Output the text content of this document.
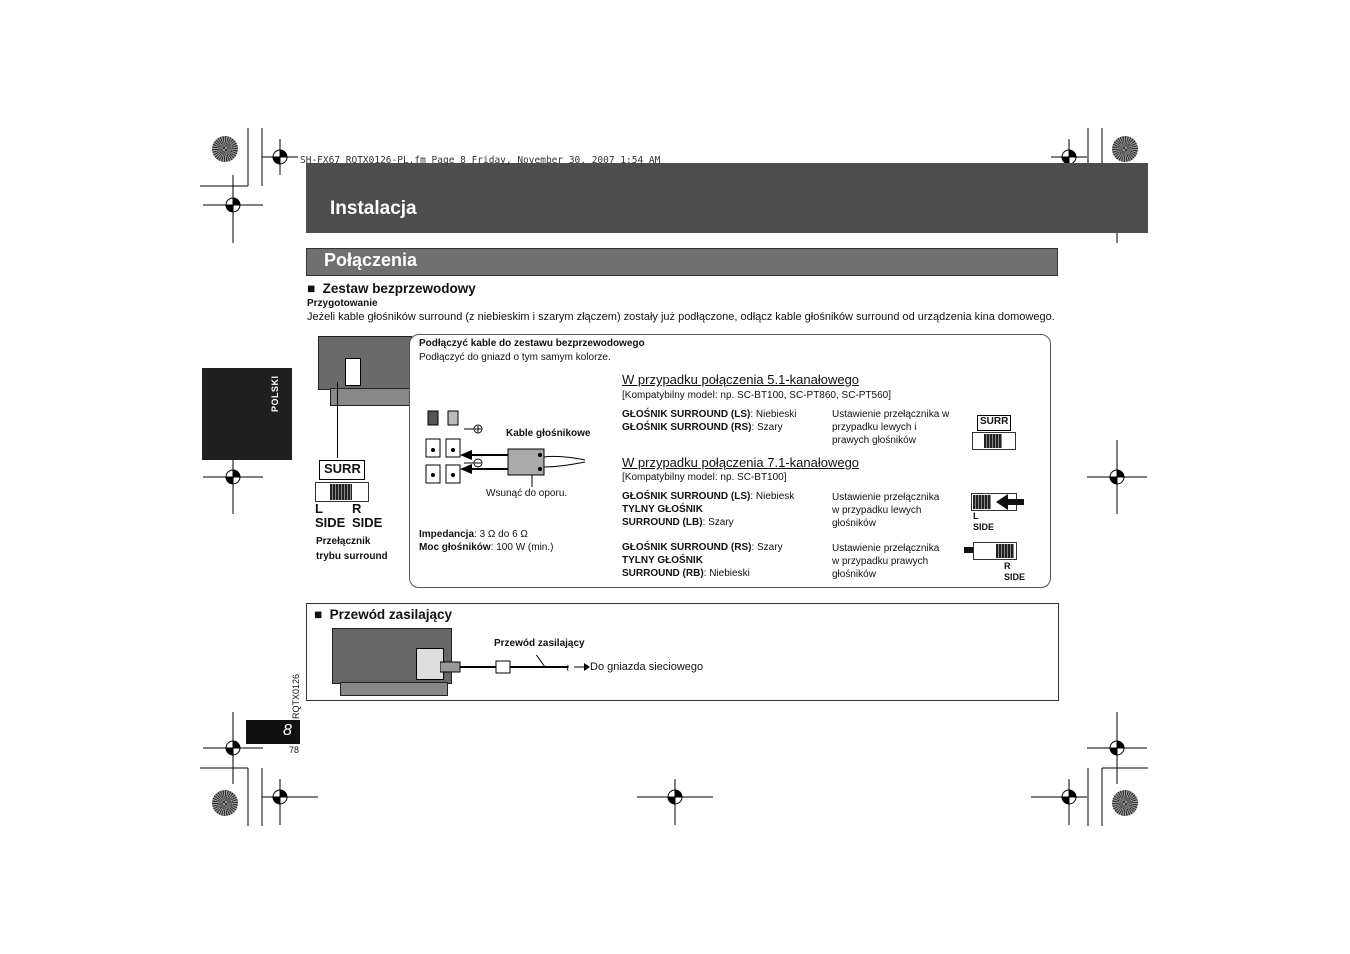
SH-FX67_RQTX0126-PL.fm Page 8 Friday, November 30, 2007 1:54 AM
Instalacja
Połączenia
POLSKI
■ Zestaw bezprzewodowy
Przygotowanie
Jeżeli kable głośników surround (z niebieskim i szarym złączem) zostały już podłączone, odłącz kable głośników surround od urządzenia kina domowego.
SURR
L
SIDE
R
SIDE
Przełącznik
trybu surround
Podłączyć kable do zestawu bezprzewodowego
Podłączyć do gniazd o tym samym kolorze.
Kable głośnikowe
Wsunąć do oporu.
Impedancja: 3 Ω do 6 Ω
Moc głośników: 100 W (min.)
W przypadku połączenia 5.1-kanałowego
[Kompatybilny model: np. SC-BT100, SC-PT860, SC-PT560]
GŁOŚNIK SURROUND (LS): Niebieski
GŁOŚNIK SURROUND (RS): Szary
Ustawienie przełącznika w
przypadku lewych i
prawych głośników
SURR
W przypadku połączenia 7.1-kanałowego
[Kompatybilny model: np. SC-BT100]
GŁOŚNIK SURROUND (LS): Niebiesk
TYLNY GŁOŚNIK
SURROUND (LB): Szary
Ustawienie przełącznika
w przypadku lewych
głośników
L
SIDE
GŁOŚNIK SURROUND (RS): Szary
TYLNY GŁOŚNIK
SURROUND (RB): Niebieski
Ustawienie przełącznika
w przypadku prawych
głośników
R
SIDE
■ Przewód zasilający
≀
Przewód zasilający
Do gniazda sieciowego
RQTX0126
8
78
